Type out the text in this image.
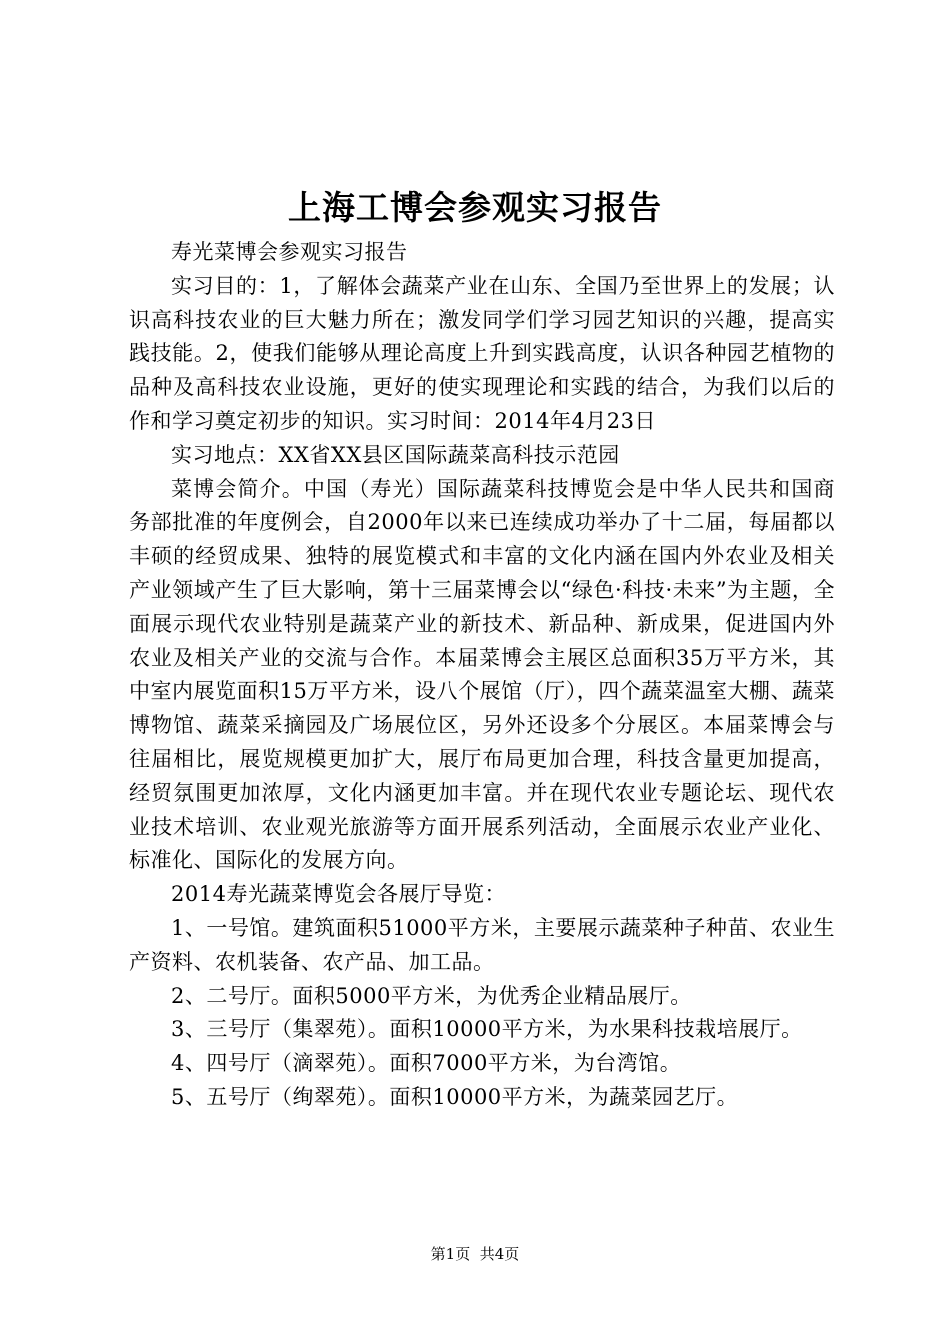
上海工博会参观实习报告

寿光菜博会参观实习报告

实习目的：1，了解体会蔬菜产业在山东、全国乃至世界上的发展；认识高科技农业的巨大魅力所在；激发同学们学习园艺知识的兴趣，提高实践技能。2，使我们能够从理论高度上升到实践高度，认识各种园艺植物的品种及高科技农业设施，更好的使实现理论和实践的结合，为我们以后的作和学习奠定初步的知识。实习时间：2014年4月23日

实习地点：XX省XX县区国际蔬菜高科技示范园

菜博会简介。中国（寿光）国际蔬菜科技博览会是中华人民共和国商务部批准的年度例会，自2000年以来已连续成功举办了十二届，每届都以丰硕的经贸成果、独特的展览模式和丰富的文化内涵在国内外农业及相关产业领域产生了巨大影响，第十三届菜博会以“绿色·科技·未来”为主题，全面展示现代农业特别是蔬菜产业的新技术、新品种、新成果，促进国内外农业及相关产业的交流与合作。本届菜博会主展区总面积35万平方米，其中室内展览面积15万平方米，设八个展馆（厅），四个蔬菜温室大棚、蔬菜博物馆、蔬菜采摘园及广场展位区，另外还设多个分展区。本届菜博会与往届相比，展览规模更加扩大，展厅布局更加合理，科技含量更加提高，经贸氛围更加浓厚，文化内涵更加丰富。并在现代农业专题论坛、现代农业技术培训、农业观光旅游等方面开展系列活动，全面展示农业产业化、标准化、国际化的发展方向。

2014寿光蔬菜博览会各展厅导览：

1、一号馆。建筑面积51000平方米，主要展示蔬菜种子种苗、农业生产资料、农机装备、农产品、加工品。

2、二号厅。面积5000平方米，为优秀企业精品展厅。

3、三号厅（集翠苑）。面积10000平方米，为水果科技栽培展厅。

4、四号厅（滴翠苑）。面积7000平方米，为台湾馆。

5、五号厅（绚翠苑）。面积10000平方米，为蔬菜园艺厅。

第1页 共4页
